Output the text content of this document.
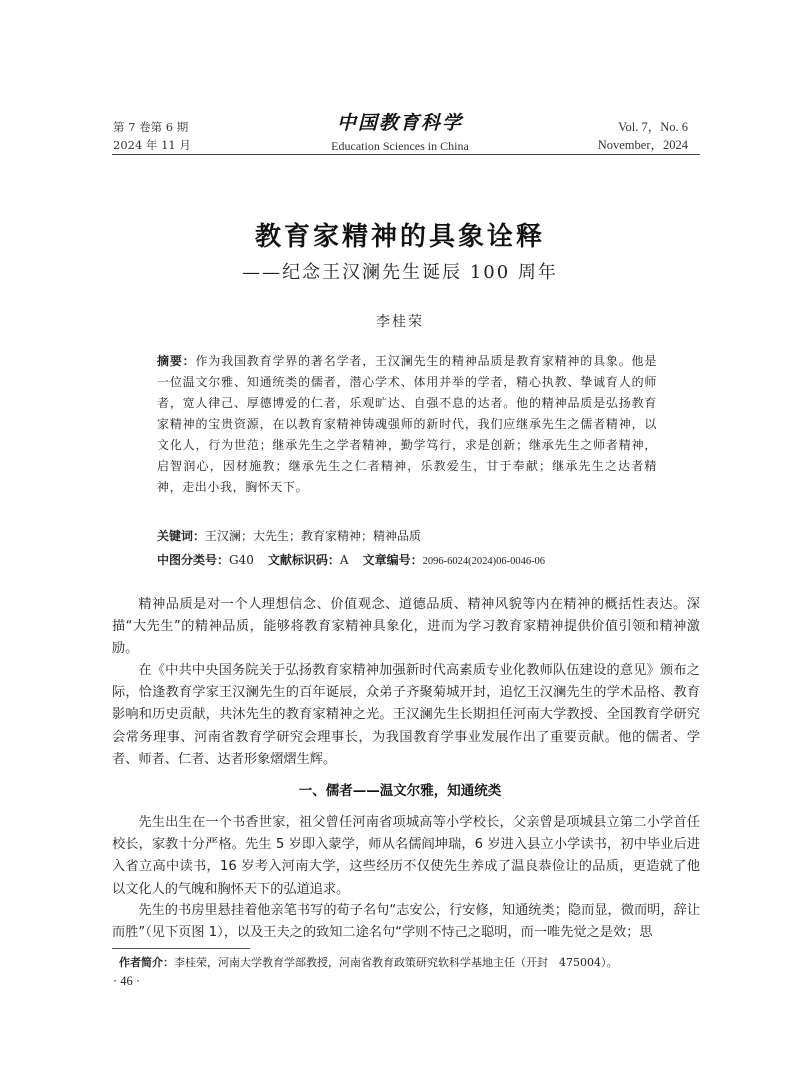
第 7 卷第 6 期
2024 年 11 月
中国教育科学
Education Sciences in China
Vol. 7，No. 6
November，2024
教育家精神的具象诠释
——纪念王汉澜先生诞辰 100 周年
李桂荣
摘要：作为我国教育学界的著名学者，王汉澜先生的精神品质是教育家精神的具象。他是一位温文尔雅、知通统类的儒者，潜心学术、体用并举的学者，精心执教、挚诚育人的师者，宽人律己、厚德博爱的仁者，乐观旷达、自强不息的达者。他的精神品质是弘扬教育家精神的宝贵资源，在以教育家精神铸魂强师的新时代，我们应继承先生之儒者精神，以文化人，行为世范；继承先生之学者精神，勤学笃行，求是创新；继承先生之师者精神，启智润心，因材施教；继承先生之仁者精神，乐教爱生，甘于奉献；继承先生之达者精神，走出小我，胸怀天下。
关键词：王汉澜；大先生；教育家精神；精神品质
中图分类号：G40 文献标识码：A 文章编号：2096-6024(2024)06-0046-06
精神品质是对一个人理想信念、价值观念、道德品质、精神风貌等内在精神的概括性表达。深描“大先生”的精神品质，能够将教育家精神具象化，进而为学习教育家精神提供价值引领和精神激励。
在《中共中央国务院关于弘扬教育家精神加强新时代高素质专业化教师队伍建设的意见》颁布之际，恰逢教育学家王汉澜先生的百年诞辰，众弟子齐聚菊城开封，追忆王汉澜先生的学术品格、教育影响和历史贡献，共沐先生的教育家精神之光。王汉澜先生长期担任河南大学教授、全国教育学研究会常务理事、河南省教育学研究会理事长，为我国教育学事业发展作出了重要贡献。他的儒者、学者、师者、仁者、达者形象熠熠生辉。
一、儒者——温文尔雅，知通统类
先生出生在一个书香世家，祖父曾任河南省项城高等小学校长，父亲曾是项城县立第二小学首任校长，家教十分严格。先生 5 岁即入蒙学，师从名儒阎坤瑞，6 岁进入县立小学读书，初中毕业后进入省立高中读书，16 岁考入河南大学，这些经历不仅使先生养成了温良恭俭让的品质，更造就了他以文化人的气魄和胸怀天下的弘道追求。
先生的书房里悬挂着他亲笔书写的荀子名句“志安公，行安修，知通统类；隐而显，微而明，辞让而胜”（见下页图 1），以及王夫之的致知二途名句“学则不恃己之聪明，而一唯先觉之是效；思
作者简介：李桂荣，河南大学教育学部教授，河南省教育政策研究软科学基地主任（开封　475004）。
· 46 ·
